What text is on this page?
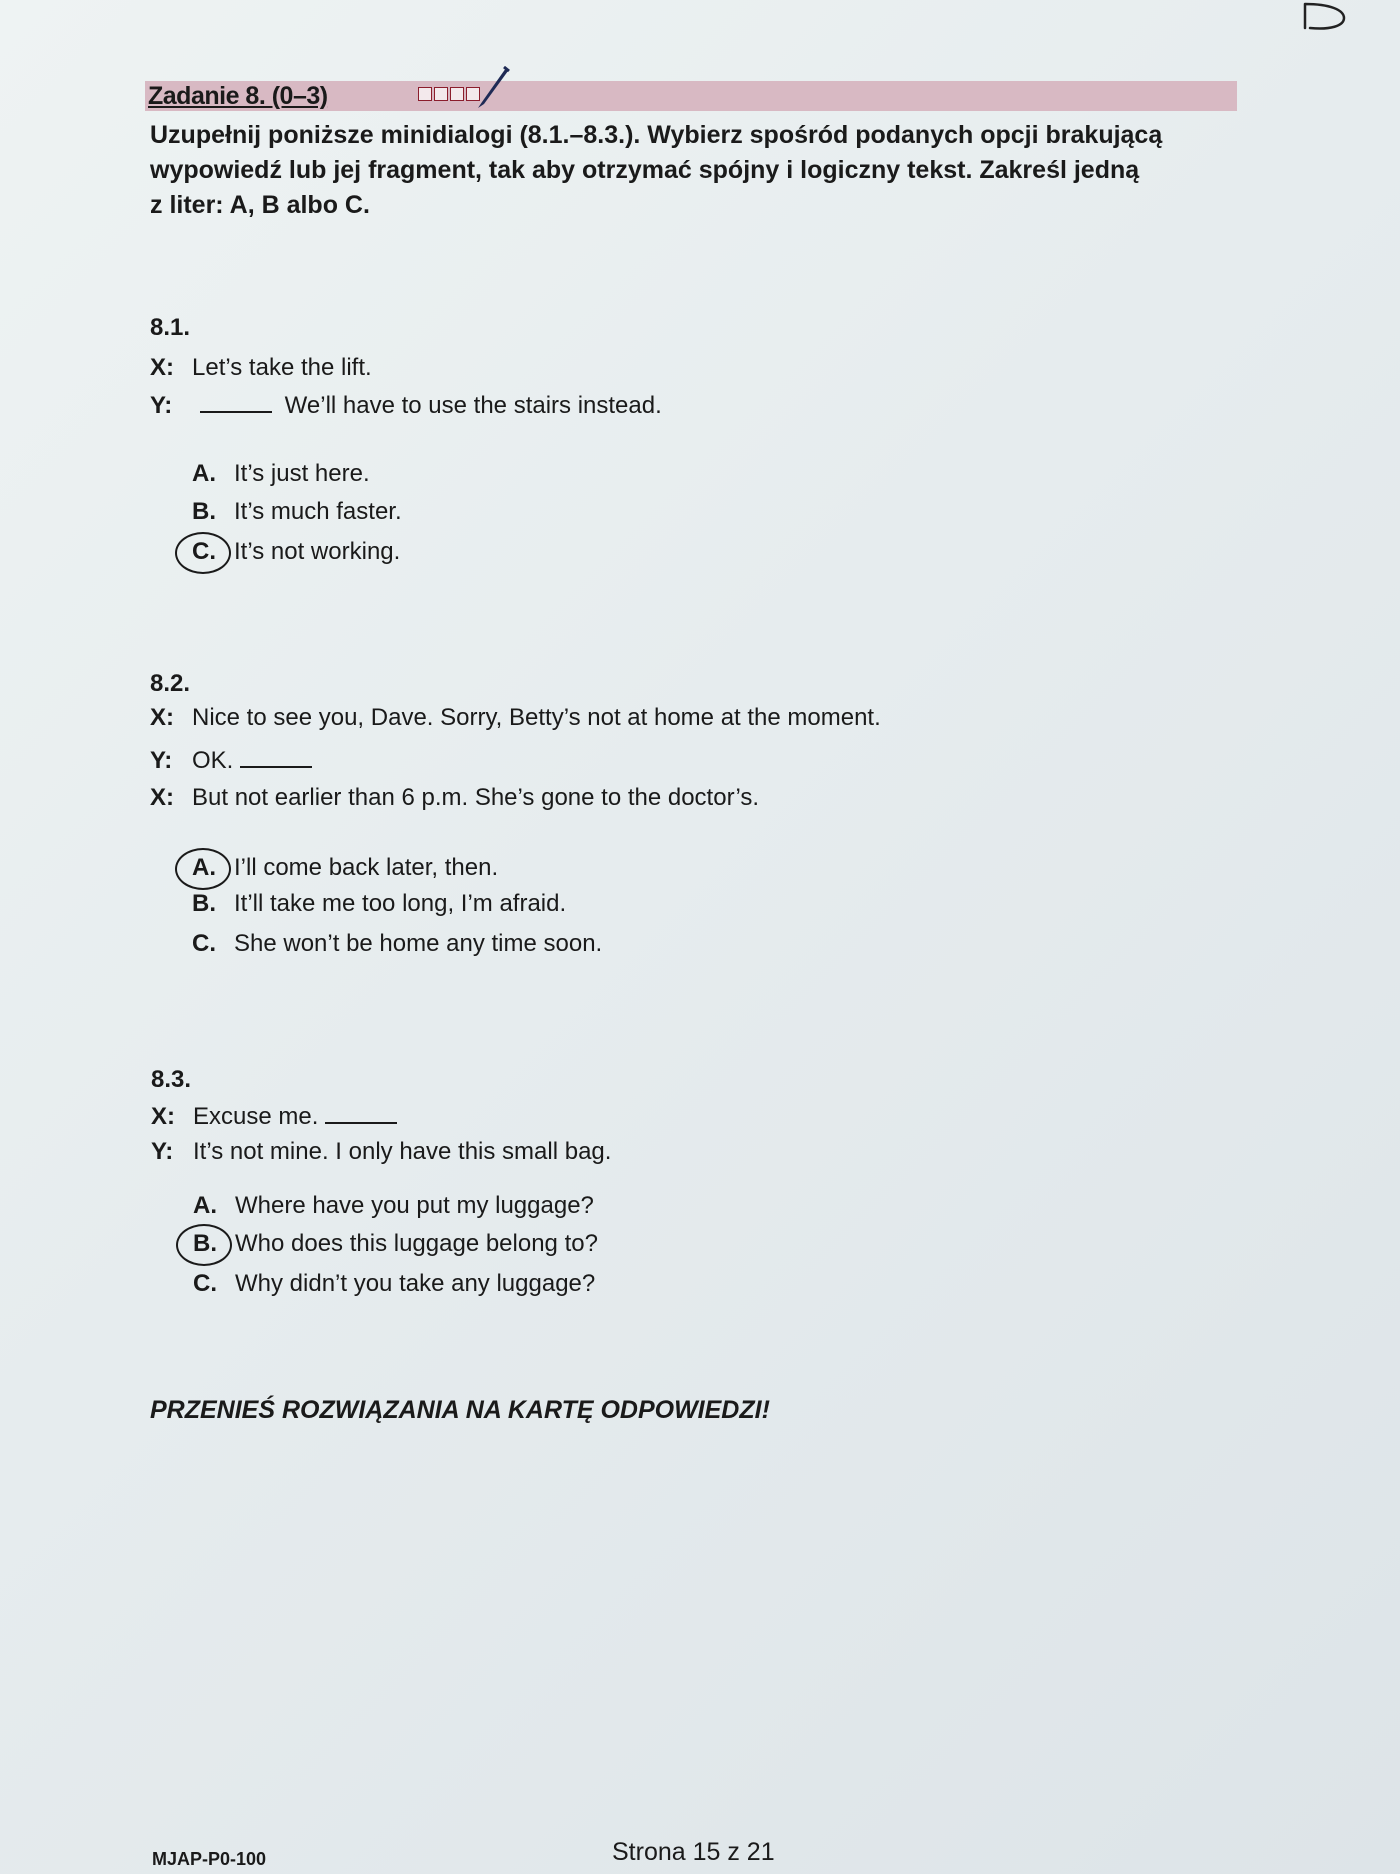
Zadanie 8. (0–3)
Uzupełnij poniższe minidialogi (8.1.–8.3.). Wybierz spośród podanych opcji brakującą
wypowiedź lub jej fragment, tak aby otrzymać spójny i logiczny tekst. Zakreśl jedną
z liter: A, B albo C.
8.1.
X: Let’s take the lift.
Y:	We’ll have to use the stairs instead.
A. It’s just here.
B. It’s much faster.
C. It’s not working.
8.2.
X: Nice to see you, Dave. Sorry, Betty’s not at home at the moment.
Y: OK.
X: But not earlier than 6 p.m. She’s gone to the doctor’s.
A. I’ll come back later, then.
B. It’ll take me too long, I’m afraid.
C. She won’t be home any time soon.
8.3.
X: Excuse me.
Y: It’s not mine. I only have this small bag.
A. Where have you put my luggage?
B. Who does this luggage belong to?
C. Why didn’t you take any luggage?
PRZENIEŚ ROZWIĄZANIA NA KARTĘ ODPOWIEDZI!
MJAP-P0-100	Strona 15 z 21
